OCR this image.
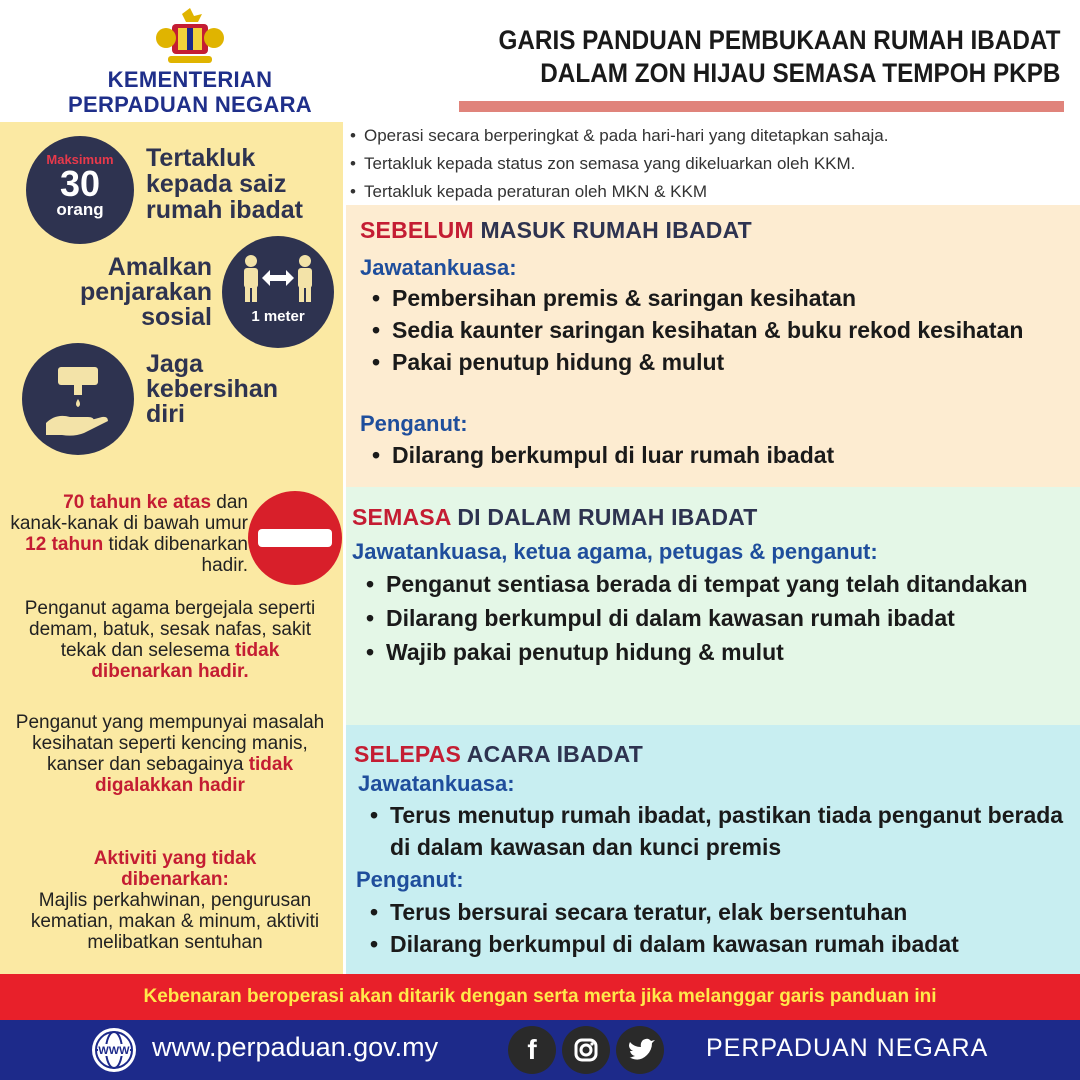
KEMENTERIAN
PERPADUAN NEGARA
GARIS PANDUAN PEMBUKAAN RUMAH IBADAT
DALAM ZON HIJAU SEMASA TEMPOH PKPB
Maksimum
30
orang
Tertakluk
kepada saiz
rumah ibadat
Amalkan
penjarakan
sosial	1 meter
Jaga
kebersihan
diri
70 tahun ke atas dan kanak-kanak di bawah umur 12 tahun tidak dibenarkan hadir.
Penganut agama bergejala seperti demam, batuk, sesak nafas, sakit tekak dan selesema tidak dibenarkan hadir.
Penganut yang mempunyai masalah kesihatan seperti kencing manis, kanser dan sebagainya tidak digalakkan hadir
Aktiviti yang tidak dibenarkan:
Majlis perkahwinan, pengurusan kematian, makan & minum, aktiviti melibatkan sentuhan
• Operasi secara berperingkat & pada hari-hari yang ditetapkan sahaja.
• Tertakluk kepada status zon semasa yang dikeluarkan oleh KKM.
• Tertakluk kepada peraturan oleh MKN & KKM
SEBELUM MASUK RUMAH IBADAT
Jawatankuasa:
• Pembersihan premis & saringan kesihatan
• Sedia kaunter saringan kesihatan & buku rekod kesihatan
• Pakai penutup hidung & mulut
Penganut:
• Dilarang berkumpul di luar rumah ibadat
SEMASA DI DALAM RUMAH IBADAT
Jawatankuasa, ketua agama, petugas & penganut:
• Penganut sentiasa berada di tempat yang telah ditandakan
• Dilarang berkumpul di dalam kawasan rumah ibadat
• Wajib pakai penutup hidung & mulut
SELEPAS ACARA IBADAT
Jawatankuasa:
• Terus menutup rumah ibadat, pastikan tiada penganut berada di dalam kawasan dan kunci premis
Penganut:
• Terus bersurai secara teratur, elak bersentuhan
• Dilarang berkumpul di dalam kawasan rumah ibadat
Kebenaran beroperasi akan ditarik dengan serta merta jika melanggar garis panduan ini
WWW www.perpaduan.gov.my	f	PERPADUAN NEGARA
